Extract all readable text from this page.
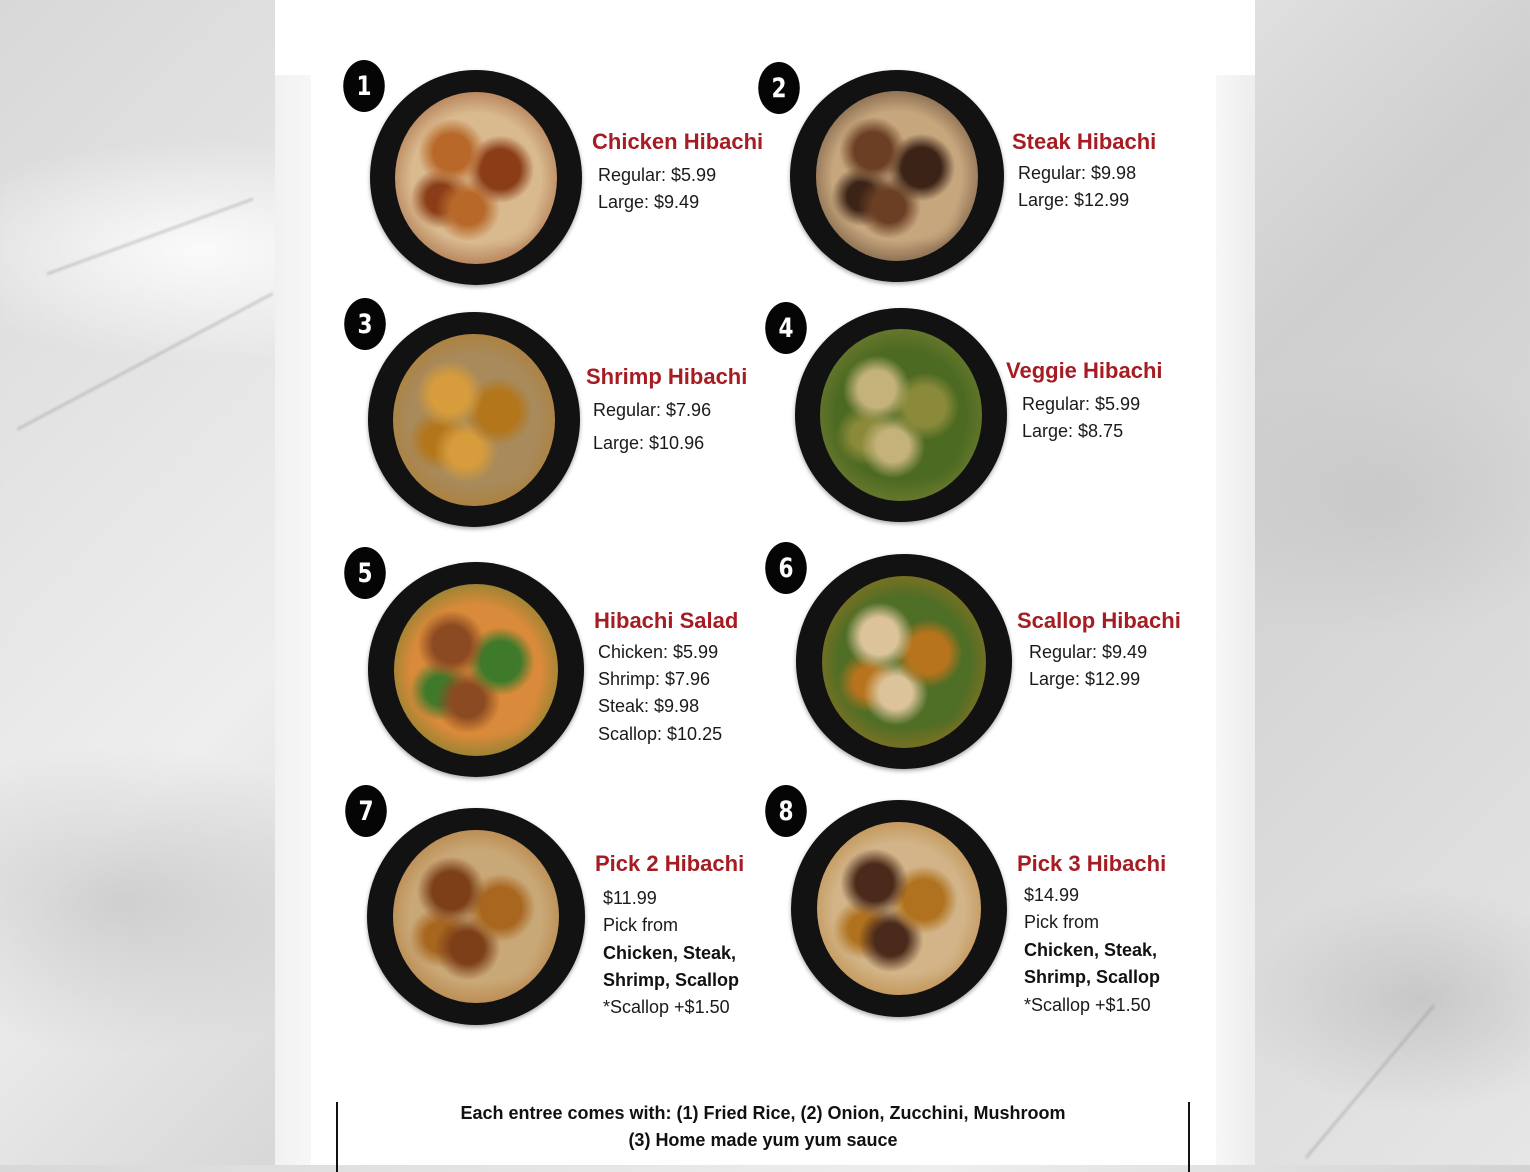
1
Chicken Hibachi
Regular: $5.99
Large: $9.49
2
Steak Hibachi
Regular: $9.98
Large: $12.99
3
Shrimp Hibachi
Regular: $7.96
Large: $10.96
4
Veggie Hibachi
Regular: $5.99
Large: $8.75
5
Hibachi Salad
Chicken: $5.99
Shrimp: $7.96
Steak: $9.98
Scallop: $10.25
6
Scallop Hibachi
Regular: $9.49
Large: $12.99
7
Pick 2 Hibachi
$11.99
Pick from
Chicken, Steak,
Shrimp, Scallop
*Scallop +$1.50
8
Pick 3 Hibachi
$14.99
Pick from
Chicken, Steak,
Shrimp, Scallop
*Scallop +$1.50
Each entree comes with: (1) Fried Rice, (2) Onion, Zucchini, Mushroom
(3) Home made yum yum sauce
